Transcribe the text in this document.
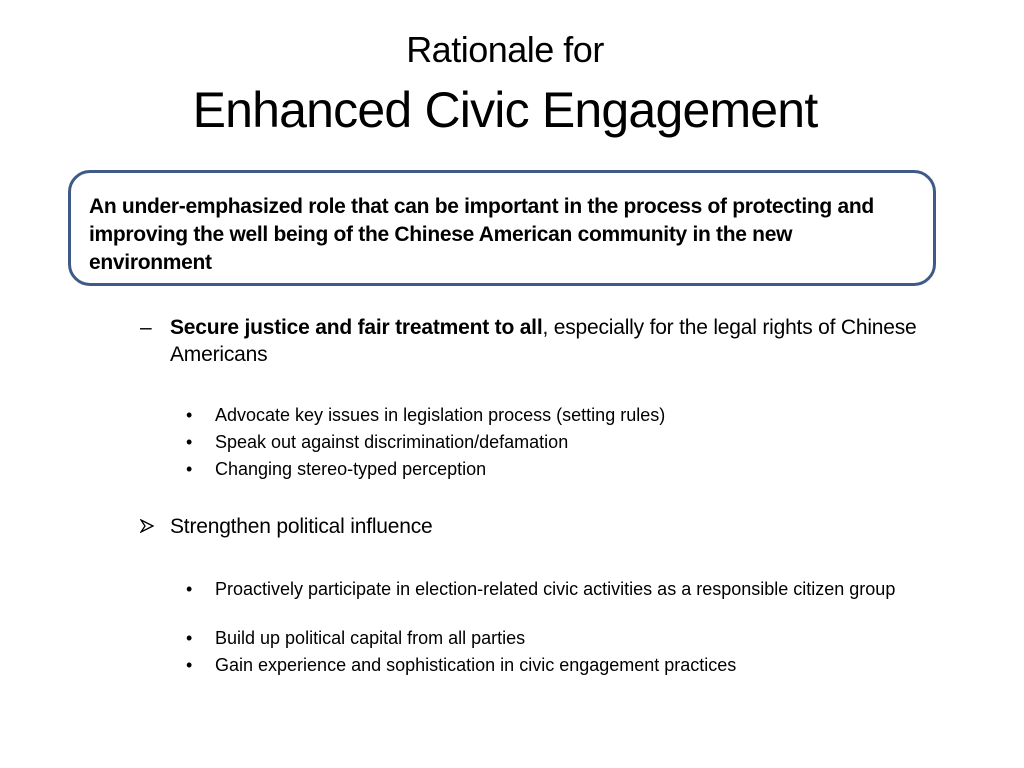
Rationale for
Enhanced Civic Engagement
An under-emphasized role that can be important in the process of protecting and improving the well being of the Chinese American community in the new environment
– Secure justice and fair treatment to all, especially for the legal rights of Chinese Americans
•	Advocate key issues in legislation process (setting rules)
•	Speak out against discrimination/defamation
•	Changing stereo-typed perception
Strengthen political influence
•	Proactively participate in election-related civic activities as a responsible citizen group
•	Build up political capital from all parties
•	Gain experience and sophistication in civic engagement practices
